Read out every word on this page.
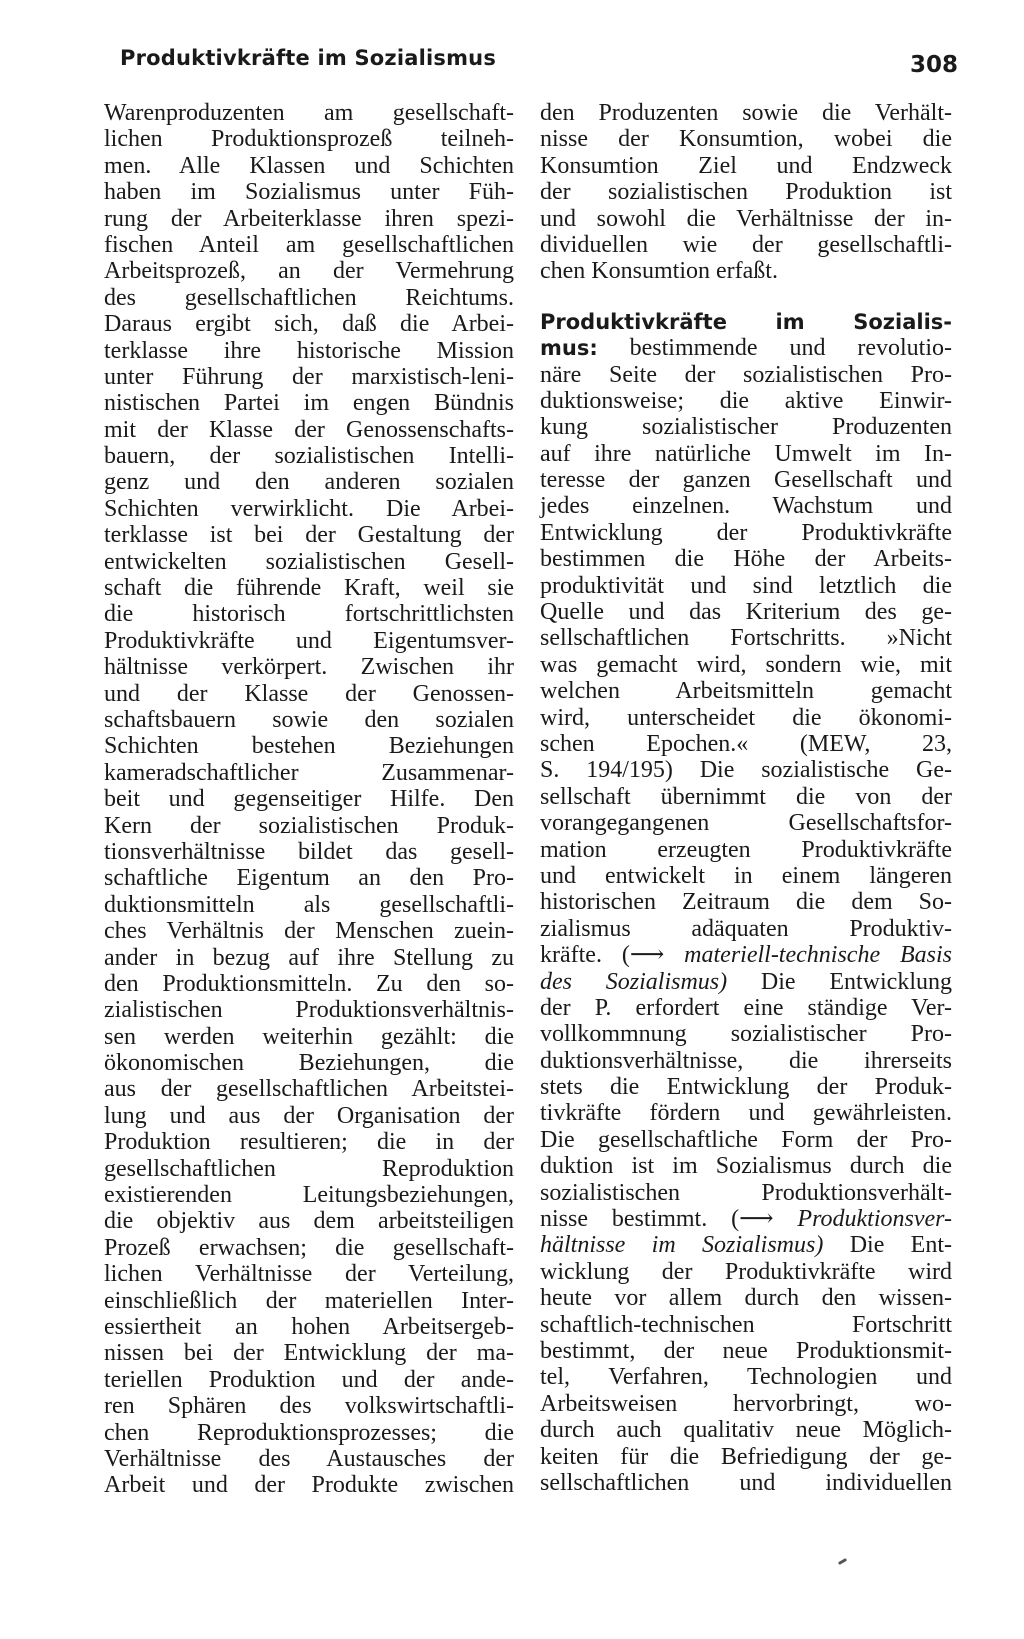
Produktivkräfte im Sozialismus	308
Warenproduzenten am gesellschaft-
lichen Produktionsprozeß teilneh-
men. Alle Klassen und Schichten
haben im Sozialismus unter Füh-
rung der Arbeiterklasse ihren spezi-
fischen Anteil am gesellschaftlichen
Arbeitsprozeß, an der Vermehrung
des gesellschaftlichen Reichtums.
Daraus ergibt sich, daß die Arbei-
terklasse ihre historische Mission
unter Führung der marxistisch-leni-
nistischen Partei im engen Bündnis
mit der Klasse der Genossenschafts-
bauern, der sozialistischen Intelli-
genz und den anderen sozialen
Schichten verwirklicht. Die Arbei-
terklasse ist bei der Gestaltung der
entwickelten sozialistischen Gesell-
schaft die führende Kraft, weil sie
die historisch fortschrittlichsten
Produktivkräfte und Eigentumsver-
hältnisse verkörpert. Zwischen ihr
und der Klasse der Genossen-
schaftsbauern sowie den sozialen
Schichten bestehen Beziehungen
kameradschaftlicher Zusammenar-
beit und gegenseitiger Hilfe. Den
Kern der sozialistischen Produk-
tionsverhältnisse bildet das gesell-
schaftliche Eigentum an den Pro-
duktionsmitteln als gesellschaftli-
ches Verhältnis der Menschen zuein-
ander in bezug auf ihre Stellung zu
den Produktionsmitteln. Zu den so-
zialistischen Produktionsverhältnis-
sen werden weiterhin gezählt: die
ökonomischen Beziehungen, die
aus der gesellschaftlichen Arbeitstei-
lung und aus der Organisation der
Produktion resultieren; die in der
gesellschaftlichen Reproduktion
existierenden Leitungsbeziehungen,
die objektiv aus dem arbeitsteiligen
Prozeß erwachsen; die gesellschaft-
lichen Verhältnisse der Verteilung,
einschließlich der materiellen Inter-
essiertheit an hohen Arbeitsergeb-
nissen bei der Entwicklung der ma-
teriellen Produktion und der ande-
ren Sphären des volkswirtschaftli-
chen Reproduktionsprozesses; die
Verhältnisse des Austausches der
Arbeit und der Produkte zwischen
den Produzenten sowie die Verhält-
nisse der Konsumtion, wobei die
Konsumtion Ziel und Endzweck
der sozialistischen Produktion ist
und sowohl die Verhältnisse der in-
dividuellen wie der gesellschaftli-
chen Konsumtion erfaßt.
Produktivkräfte im Sozialis-
mus: bestimmende und revolutio-
näre Seite der sozialistischen Pro-
duktionsweise; die aktive Einwir-
kung sozialistischer Produzenten
auf ihre natürliche Umwelt im In-
teresse der ganzen Gesellschaft und
jedes einzelnen. Wachstum und
Entwicklung der Produktivkräfte
bestimmen die Höhe der Arbeits-
produktivität und sind letztlich die
Quelle und das Kriterium des ge-
sellschaftlichen Fortschritts. »Nicht
was gemacht wird, sondern wie, mit
welchen Arbeitsmitteln gemacht
wird, unterscheidet die ökonomi-
schen Epochen.« (MEW, 23,
S. 194/195) Die sozialistische Ge-
sellschaft übernimmt die von der
vorangegangenen Gesellschaftsfor-
mation erzeugten Produktivkräfte
und entwickelt in einem längeren
historischen Zeitraum die dem So-
zialismus adäquaten Produktiv-
kräfte. (⟶ materiell-technische Basis
des Sozialismus) Die Entwicklung
der P. erfordert eine ständige Ver-
vollkommnung sozialistischer Pro-
duktionsverhältnisse, die ihrerseits
stets die Entwicklung der Produk-
tivkräfte fördern und gewährleisten.
Die gesellschaftliche Form der Pro-
duktion ist im Sozialismus durch die
sozialistischen Produktionsverhält-
nisse bestimmt. (⟶ Produktionsver-
hältnisse im Sozialismus) Die Ent-
wicklung der Produktivkräfte wird
heute vor allem durch den wissen-
schaftlich-technischen Fortschritt
bestimmt, der neue Produktionsmit-
tel, Verfahren, Technologien und
Arbeitsweisen hervorbringt, wo-
durch auch qualitativ neue Möglich-
keiten für die Befriedigung der ge-
sellschaftlichen und individuellen
